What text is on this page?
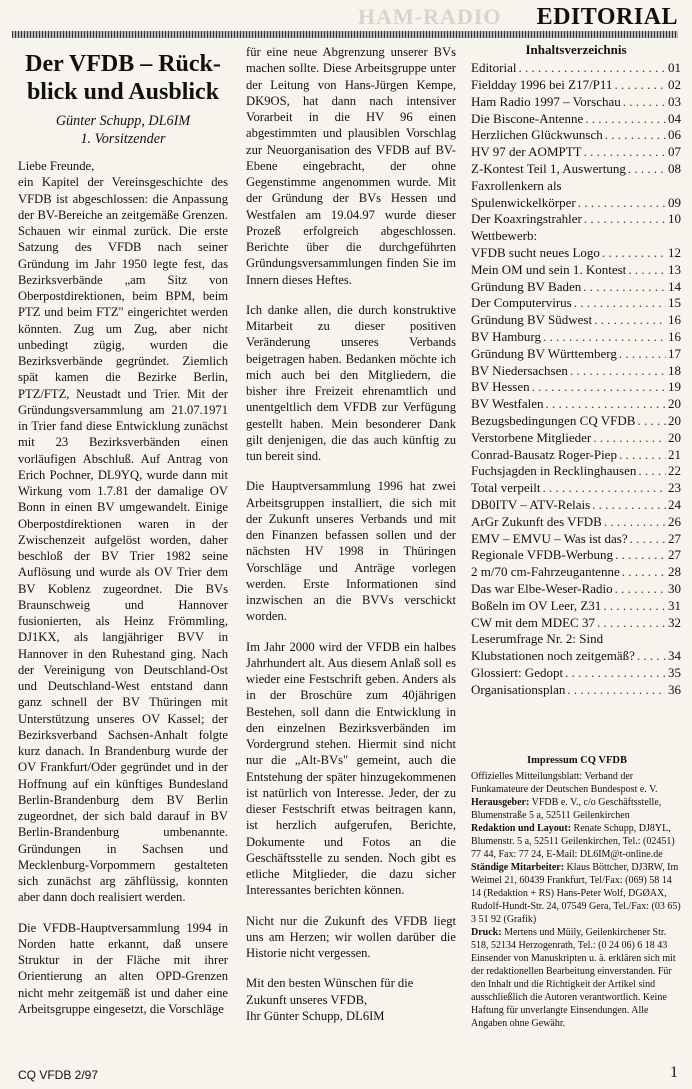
HAM-RADIO EDITORIAL
Der VFDB – Rück-blick und Ausblick
Günter Schupp, DL6IM
1. Vorsitzender

Liebe Freunde,
ein Kapitel der Vereinsgeschichte des VFDB ist abgeschlossen: die Anpassung der BV-Bereiche an zeitgemäße Grenzen. Schauen wir einmal zurück. Die erste Satzung des VFDB nach seiner Gründung im Jahr 1950 legte fest, das Bezirksverbände „am Sitz von Oberpostdirektionen, beim BPM, beim PTZ und beim FTZ" eingerichtet werden könnten. Zug um Zug, aber nicht unbedingt zügig, wurden die Bezirksverbände gegründet. Ziemlich spät kamen die Bezirke Berlin, PTZ/FTZ, Neustadt und Trier. Mit der Gründungsversammlung am 21.07.1971 in Trier fand diese Entwicklung zunächst mit 23 Bezirksverbänden einen vorläufigen Abschluß. Auf Antrag von Erich Pochner, DL9YQ, wurde dann mit Wirkung vom 1.7.81 der damalige OV Bonn in einen BV umgewandelt. Einige Oberpostdirektionen waren in der Zwischenzeit aufgelöst worden, daher beschloß der BV Trier 1982 seine Auflösung und wurde als OV Trier dem BV Koblenz zugeordnet. Die BVs Braunschweig und Hannover fusionierten, als Heinz Frömmling, DJ1KX, als langjähriger BVV in Hannover in den Ruhestand ging. Nach der Vereinigung von Deutschland-Ost und Deutschland-West entstand dann ganz schnell der BV Thüringen mit Unterstützung unseres OV Kassel; der Bezirksverband Sachsen-Anhalt folgte kurz danach. In Brandenburg wurde der OV Frankfurt/Oder gegründet und in der Hoffnung auf ein künftiges Bundesland Berlin-Brandenburg dem BV Berlin zugeordnet, der sich bald darauf in BV Berlin-Brandenburg umbenannte. Gründungen in Sachsen und Mecklenburg-Vorpommern gestalteten sich zunächst arg zähflüssig, konnten aber dann doch realisiert werden.

Die VFDB-Hauptversammlung 1994 in Norden hatte erkannt, daß unsere Struktur in der Fläche mit ihrer Orientierung an alten OPD-Grenzen nicht mehr zeitgemäß ist und daher eine Arbeitsgruppe eingesetzt, die Vorschläge

für eine neue Abgrenzung unserer BVs machen sollte. Diese Arbeitsgruppe unter der Leitung von Hans-Jürgen Kempe, DK9OS, hat dann nach intensiver Vorarbeit in die HV 96 einen abgestimmten und plausiblen Vorschlag zur Neuorganisation des VFDB auf BV-Ebene eingebracht, der ohne Gegenstimme angenommen wurde. Mit der Gründung der BVs Hessen und Westfalen am 19.04.97 wurde dieser Prozeß erfolgreich abgeschlossen. Berichte über die durchgeführten Gründungsversammlungen finden Sie im Innern dieses Heftes.

Ich danke allen, die durch konstruktive Mitarbeit zu dieser positiven Veränderung unseres Verbands beigetragen haben. Bedanken möchte ich mich auch bei den Mitgliedern, die bisher ihre Freizeit ehrenamtlich und unentgeltlich dem VFDB zur Verfügung gestellt haben. Mein besonderer Dank gilt denjenigen, die das auch künftig zu tun bereit sind.

Die Hauptversammlung 1996 hat zwei Arbeitsgruppen installiert, die sich mit der Zukunft unseres Verbands und mit den Finanzen befassen sollen und der nächsten HV 1998 in Thüringen Vorschläge und Anträge vorlegen werden. Erste Informationen sind inzwischen an die BVVs verschickt worden.

Im Jahr 2000 wird der VFDB ein halbes Jahrhundert alt. Aus diesem Anlaß soll es wieder eine Festschrift geben. Anders als in der Broschüre zum 40jährigen Bestehen, soll dann die Entwicklung in den einzelnen Bezirksverbänden im Vordergrund stehen. Hiermit sind nicht nur die „Alt-BVs" gemeint, auch die Entstehung der später hinzugekommenen ist natürlich von Interesse. Jeder, der zu dieser Festschrift etwas beitragen kann, ist herzlich aufgerufen, Berichte, Dokumente und Fotos an die Geschäftsstelle zu senden. Noch gibt es etliche Mitglieder, die dazu sicher Interessantes berichten können.

Nicht nur die Zukunft des VFDB liegt uns am Herzen; wir wollen darüber die Historie nicht vergessen.

Mit den besten Wünschen für die Zukunft unseres VFDB,
Ihr Günter Schupp, DL6IM

Inhaltsverzeichnis
Editorial . . .	01
Fieldday 1996 bei Z17/P11 . . .	02
Ham Radio 1997 – Vorschau . . .	03
Die Biscone-Antenne . . .	04
Herzlichen Glückwunsch . . .	06
HV 97 der AOMPTT . . .	07
Z-Kontest Teil 1, Auswertung . . .	08
Faxrollenkern als
Spulenwickelkörper . . .	09
Der Koaxringstrahler . . .	10
Wettbewerb:
VFDB sucht neues Logo . . .	12
Mein OM und sein 1. Kontest . . .	13
Gründung BV Baden . . .	14
Der Computervirus . . .	15
Gründung BV Südwest . . .	16
BV Hamburg . . .	16
Gründung BV Württemberg . . .	17
BV Niedersachsen . . .	18
BV Hessen . . .	19
BV Westfalen . . .	20
Bezugsbedingungen CQ VFDB . . .	20
Verstorbene Mitglieder . . .	20
Conrad-Bausatz Roger-Piep . . .	21
Fuchsjagden in Recklinghausen . . . 22
Total verpeilt . . .	23
DB0ITV – ATV-Relais . . .	24
ArGr Zukunft des VFDB . . .	26
EMV – EMVU – Was ist das? . . .	27
Regionale VFDB-Werbung . . .	27
2 m/70 cm-Fahrzeugantenne . . .	28
Das war Elbe-Weser-Radio . . .	30
Boßeln im OV Leer, Z31 . . .	31
CW mit dem MDEC 37 . . .	32
Leserumfrage Nr. 2: Sind
Klubstationen noch zeitgemäß? . . .	34
Glossiert: Gedopt . . .	35
Organisationsplan . . .	36
Impressum CQ VFDB
Offizielles Mitteilungsblatt: Verband der Funkamateure der Deutschen Bundespost e. V.
Herausgeber: VFDB e. V., c/o Geschäftsstelle, Blumenstraße 5 a, 52511 Geilenkirchen
Redaktion und Layout: Renate Schupp, DJ8YL, Blumenstr. 5 a, 52511 Geilenkirchen, Tel.: (02451) 77 44, Fax: 77 24, E-Mail: DL6IM@t-online.de
Ständige Mitarbeiter: Klaus Böttcher, DJ3RW, Im Weimel 21, 60439 Frankfurt, Tel/Fax: (069) 58 14 14 (Redaktion + RS) Hans-Peter Wolf, DGØAX, Rudolf-Hundt-Str. 24, 07549 Gera, Tel./Fax: (03 65) 3 51 92 (Grafik)
Druck: Mertens und Müily, Geilenkirchener Str. 518, 52134 Herzogenrath, Tel.: (0 24 06) 6 18 43
Einsender von Manuskripten u. ä. erklären sich mit der redaktionellen Bearbeitung einverstanden. Für den Inhalt und die Richtigkeit der Artikel sind ausschließlich die Autoren verantwortlich. Keine Haftung für unverlangte Einsendungen. Alle Angaben ohne Gewähr.
CQ VFDB 2/97	1
